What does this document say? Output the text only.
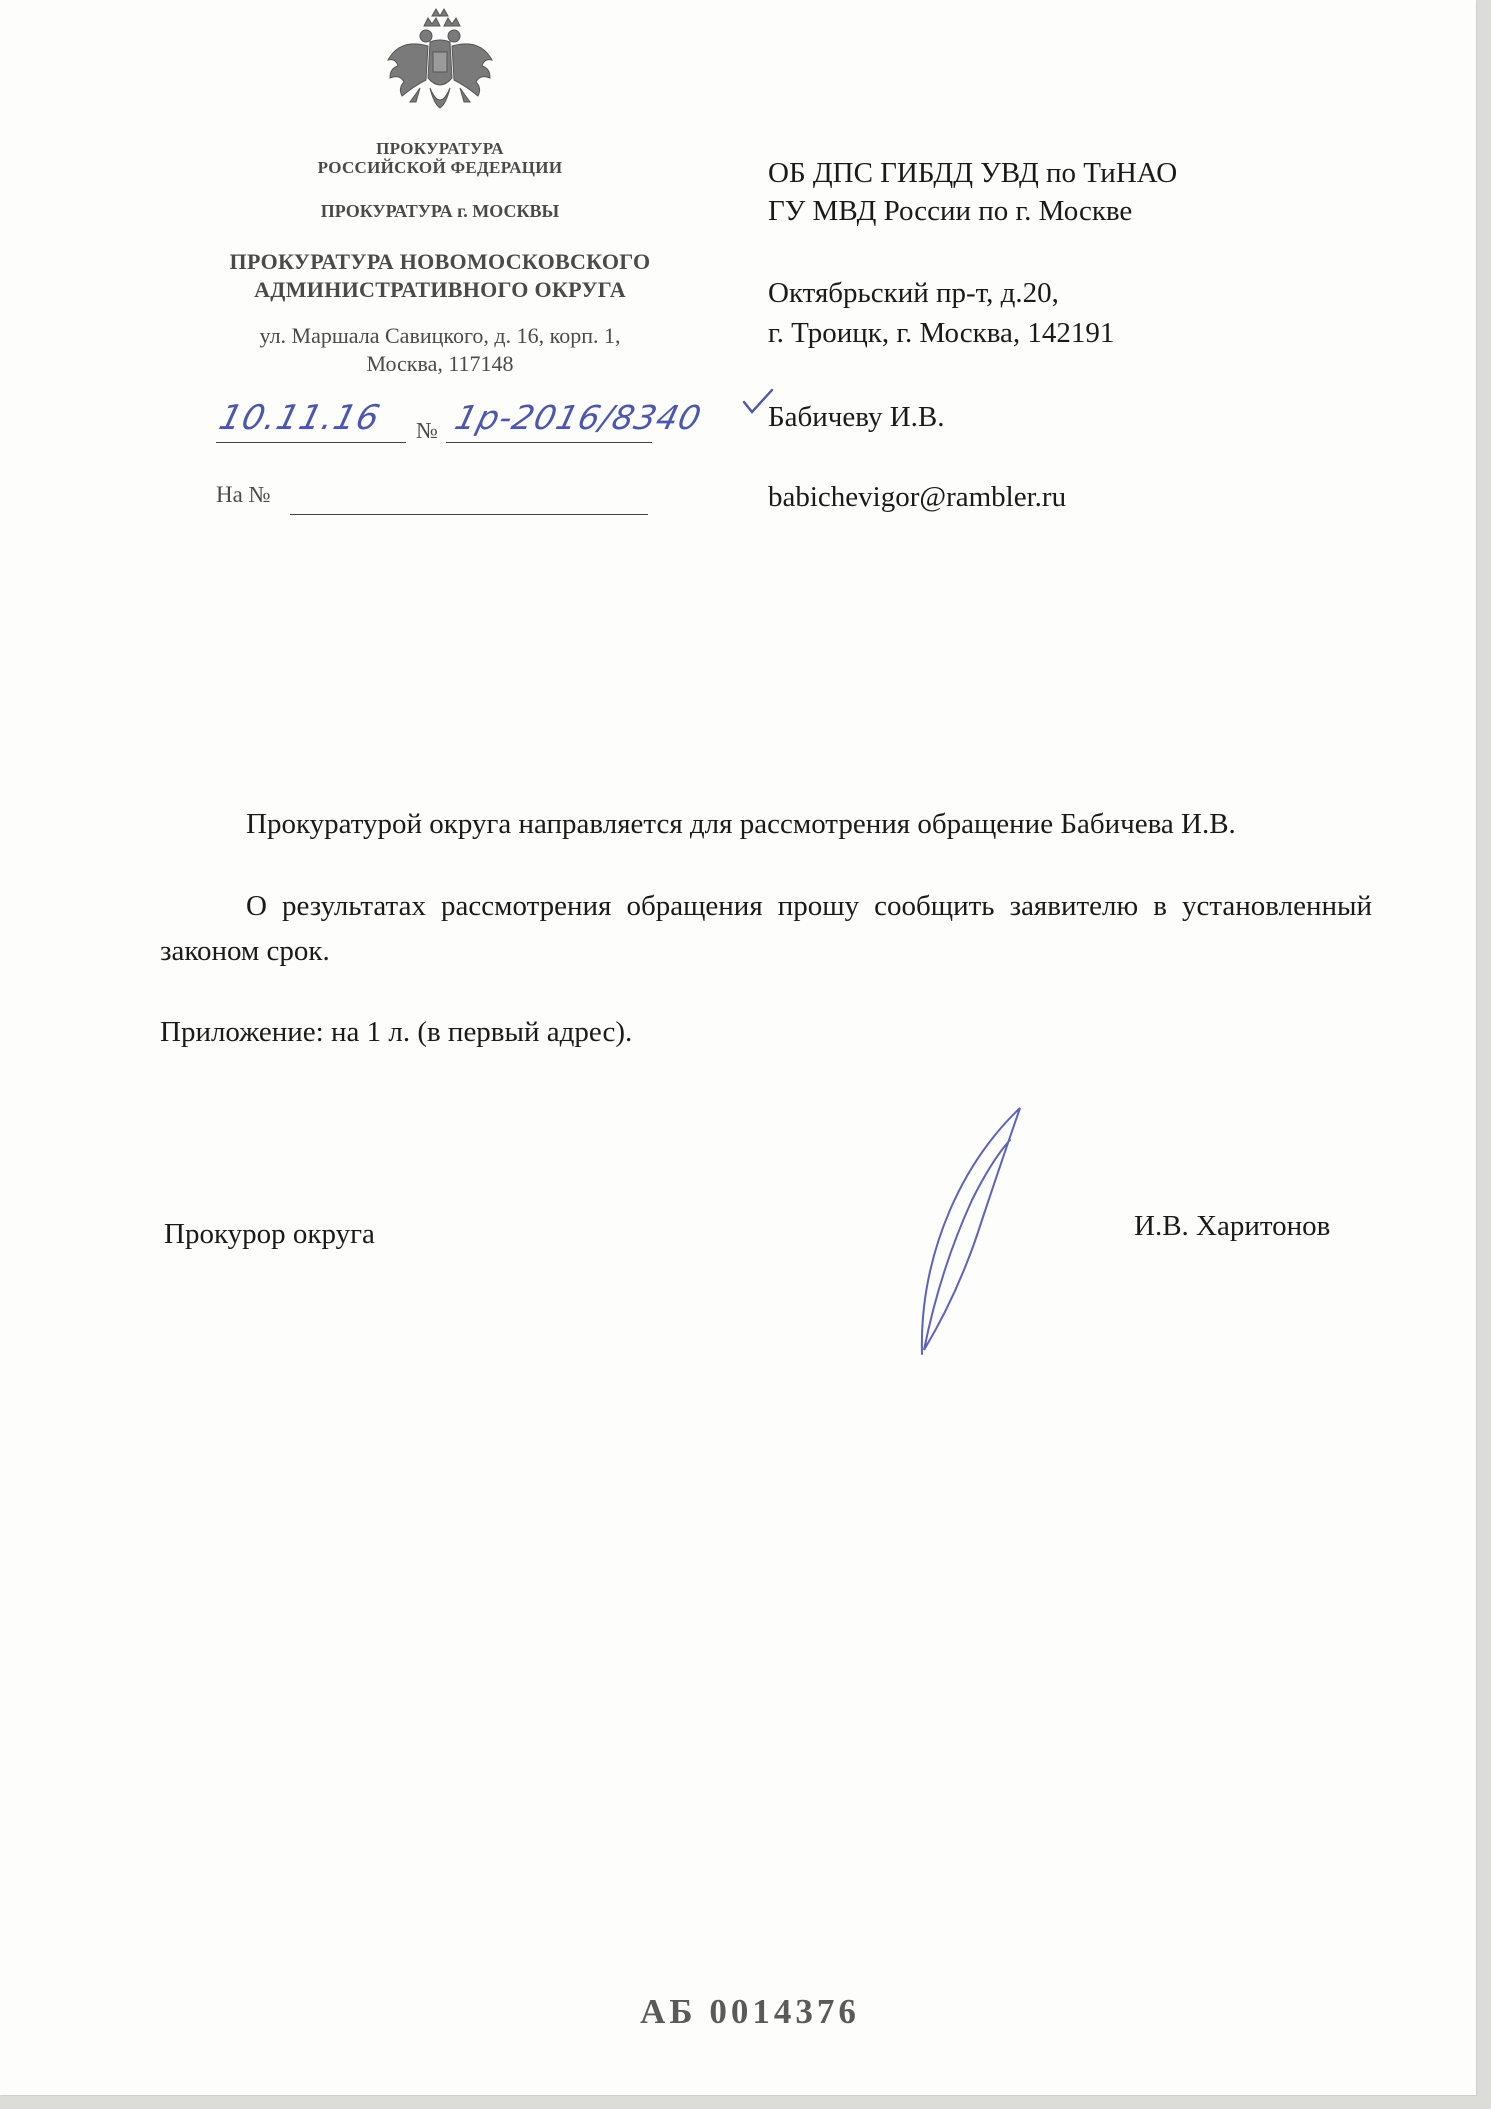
ПРОКУРАТУРА
РОССИЙСКОЙ ФЕДЕРАЦИИ
ПРОКУРАТУРА г. МОСКВЫ
ПРОКУРАТУРА НОВОМОСКОВСКОГО
АДМИНИСТРАТИВНОГО ОКРУГА
ул. Маршала Савицкого, д. 16, корп. 1,
Москва, 117148
10.11.16 № 1р-2016/8340
На №
ОБ ДПС ГИБДД УВД по ТиНАО
ГУ МВД России по г. Москве
Октябрьский пр-т, д.20,
г. Троицк, г. Москва, 142191
Бабичеву И.В.
babichevigor@rambler.ru
Прокуратурой округа направляется для рассмотрения обращение Бабичева И.В.
О результатах рассмотрения обращения прошу сообщить заявителю в установленный законом срок.
Приложение: на 1 л. (в первый адрес).
Прокурор округа	И.В. Харитонов
АБ 0014376
